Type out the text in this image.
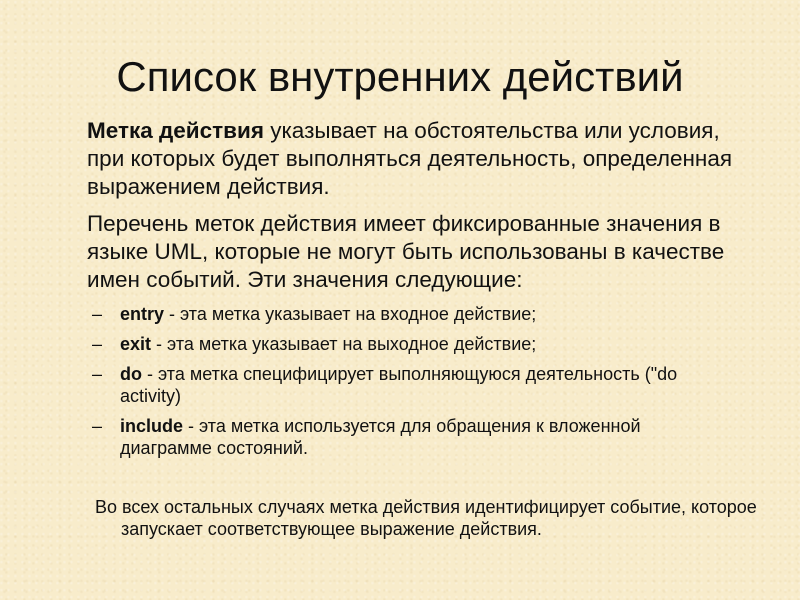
Список внутренних действий

Метка действия указывает на обстоятельства или условия, при которых будет выполняться деятельность, определенная выражением действия.

Перечень меток действия имеет фиксированные значения в языке UML, которые не могут быть использованы в качестве имен событий. Эти значения следующие:

– entry - эта метка указывает на входное действие;
– exit - эта метка указывает на выходное действие;
– do - эта метка специфицирует выполняющуюся деятельность ("do activity)
– include - эта метка используется для обращения к вложенной диаграмме состояний.

Во всех остальных случаях метка действия идентифицирует событие, которое запускает соответствующее выражение действия.
